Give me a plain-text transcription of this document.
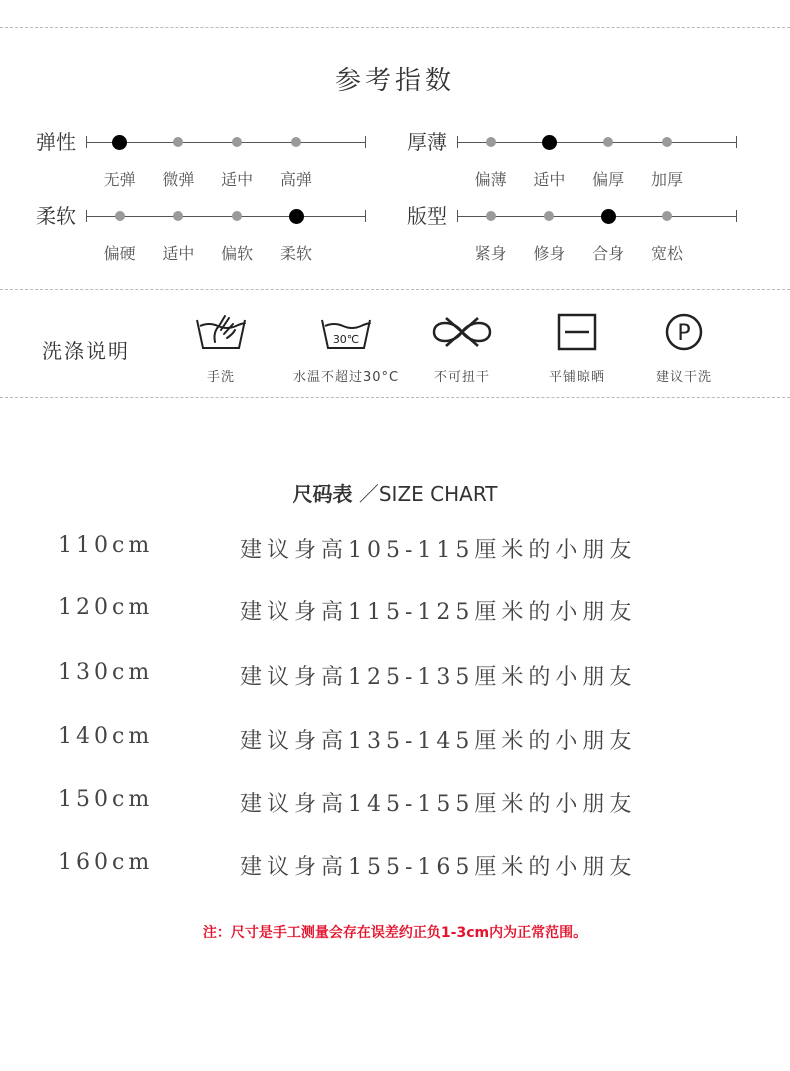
参考指数
弹性
无弹	微弹	适中	高弹
厚薄
偏薄	适中	偏厚	加厚
柔软
偏硬	适中	偏软	柔软
版型
紧身	修身	合身	宽松
洗涤说明
手洗
30℃
水温不超过30°C	不可扭干	平铺晾晒
P
建议干洗
尺码表 ／SIZE CHART
110cm	建议身高105-115厘米的小朋友
120cm	建议身高115-125厘米的小朋友
130cm	建议身高125-135厘米的小朋友
140cm	建议身高135-145厘米的小朋友
150cm	建议身高145-155厘米的小朋友
160cm	建议身高155-165厘米的小朋友
注：尺寸是手工测量会存在误差约正负1-3cm内为正常范围。
